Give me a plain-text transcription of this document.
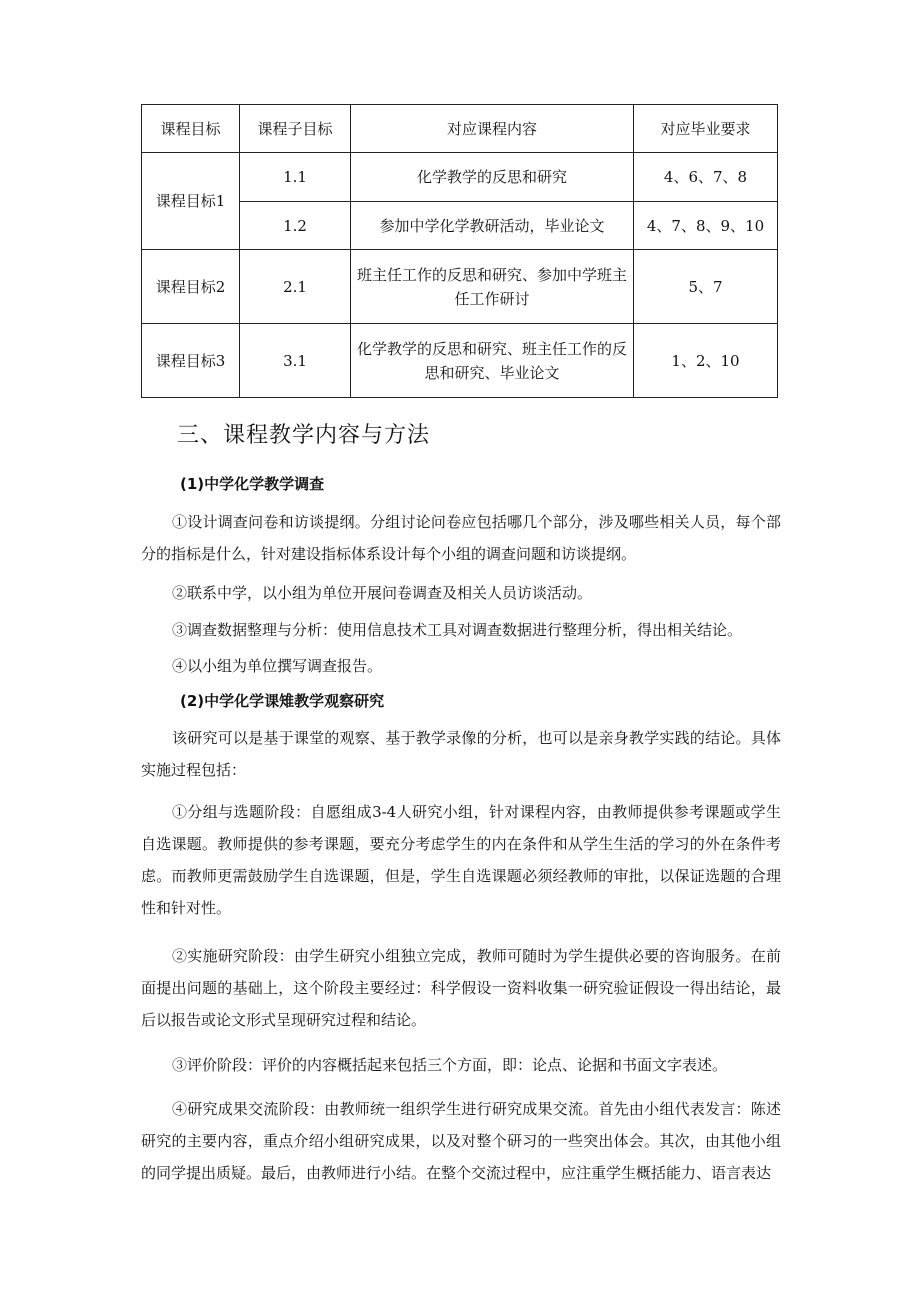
课程目标	课程子目标	对应课程内容	对应毕业要求
课程目标1	1.1	化学教学的反思和研究	4、6、7、8
	1.2	参加中学化学教研活动，毕业论文	4、7、8、9、10
课程目标2	2.1	班主任工作的反思和研究、参加中学班主任工作研讨	5、7
课程目标3	3.1	化学教学的反思和研究、班主任工作的反思和研究、毕业论文	1、2、10
三、课程教学内容与方法
(1)中学化学教学调查
①设计调查问卷和访谈提纲。分组讨论问卷应包括哪几个部分，涉及哪些相关人员，每个部分的指标是什么，针对建设指标体系设计每个小组的调查问题和访谈提纲。
②联系中学，以小组为单位开展问卷调查及相关人员访谈活动。
③调查数据整理与分析：使用信息技术工具对调查数据进行整理分析，得出相关结论。
④以小组为单位撰写调查报告。
(2)中学化学课雉教学观察研究
该研究可以是基于课堂的观察、基于教学录像的分析，也可以是亲身教学实践的结论。具体实施过程包括：
①分组与选题阶段：自愿组成3-4人研究小组，针对课程内容，由教师提供参考课题或学生自选课题。教师提供的参考课题，要充分考虑学生的内在条件和从学生生活的学习的外在条件考虑。而教师更需鼓励学生自选课题，但是，学生自选课题必须经教师的审批，以保证选题的合理性和针对性。
②实施研究阶段：由学生研究小组独立完成，教师可随时为学生提供必要的咨询服务。在前面提出问题的基础上，这个阶段主要经过：科学假设一资料收集一研究验证假设一得出结论，最后以报告或论文形式呈现研究过程和结论。
③评价阶段：评价的内容概括起来包括三个方面，即：论点、论据和书面文字表述。
④研究成果交流阶段：由教师统一组织学生进行研究成果交流。首先由小组代表发言：陈述研究的主要内容，重点介绍小组研究成果，以及对整个研习的一些突出体会。其次，由其他小组的同学提出质疑。最后，由教师进行小结。在整个交流过程中，应注重学生概括能力、语言表达
